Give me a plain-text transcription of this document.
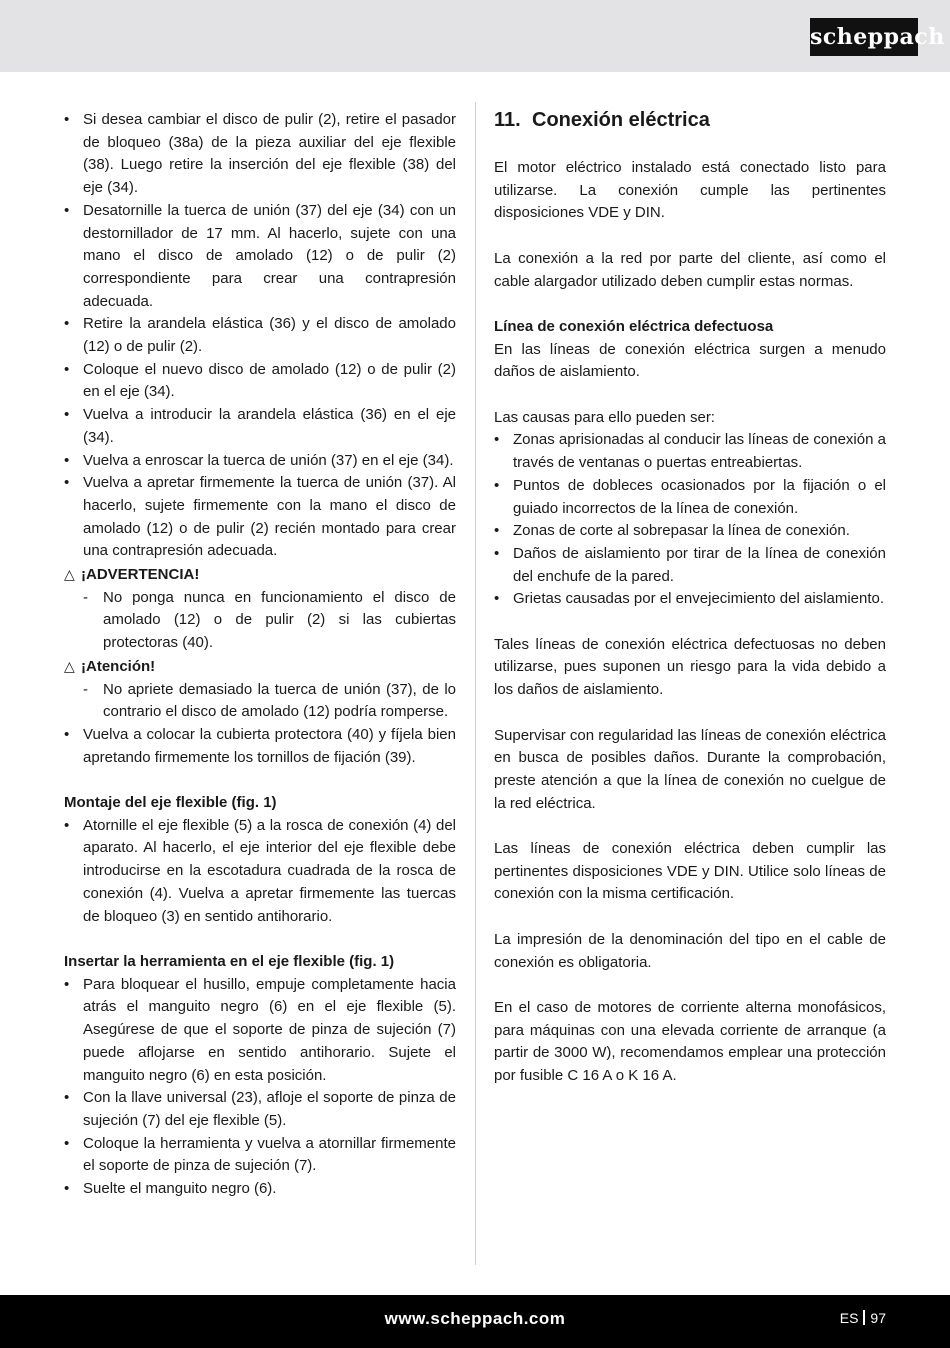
scheppach
• Si desea cambiar el disco de pulir (2), retire el pasador de bloqueo (38a) de la pieza auxiliar del eje flexible (38). Luego retire la inserción del eje flexible (38) del eje (34).
• Desatornille la tuerca de unión (37) del eje (34) con un destornillador de 17 mm. Al hacerlo, sujete con una mano el disco de amolado (12) o de pulir (2) correspondiente para crear una contrapresión adecuada.
• Retire la arandela elástica (36) y el disco de amolado (12) o de pulir (2).
• Coloque el nuevo disco de amolado (12) o de pulir (2) en el eje (34).
• Vuelva a introducir la arandela elástica (36) en el eje (34).
• Vuelva a enroscar la tuerca de unión (37) en el eje (34).
• Vuelva a apretar firmemente la tuerca de unión (37). Al hacerlo, sujete firmemente con la mano el disco de amolado (12) o de pulir (2) recién montado para crear una contrapresión adecuada.
△ ¡ADVERTENCIA!
- No ponga nunca en funcionamiento el disco de amolado (12) o de pulir (2) si las cubiertas protectoras (40).
△ ¡Atención!
- No apriete demasiado la tuerca de unión (37), de lo contrario el disco de amolado (12) podría romperse.
• Vuelva a colocar la cubierta protectora (40) y fíjela bien apretando firmemente los tornillos de fijación (39).

Montaje del eje flexible (fig. 1)

• Atornille el eje flexible (5) a la rosca de conexión (4) del aparato. Al hacerlo, el eje interior del eje flexible debe introducirse en la escotadura cuadrada de la rosca de conexión (4). Vuelva a apretar firmemente las tuercas de bloqueo (3) en sentido antihorario.

Insertar la herramienta en el eje flexible (fig. 1)

• Para bloquear el husillo, empuje completamente hacia atrás el manguito negro (6) en el eje flexible (5). Asegúrese de que el soporte de pinza de sujeción (7) puede aflojarse en sentido antihorario. Sujete el manguito negro (6) en esta posición.
• Con la llave universal (23), afloje el soporte de pinza de sujeción (7) del eje flexible (5).
• Coloque la herramienta y vuelva a atornillar firmemente el soporte de pinza de sujeción (7).
• Suelte el manguito negro (6).
11. Conexión eléctrica

El motor eléctrico instalado está conectado listo para utilizarse. La conexión cumple las pertinentes disposiciones VDE y DIN.

La conexión a la red por parte del cliente, así como el cable alargador utilizado deben cumplir estas normas.

Línea de conexión eléctrica defectuosa

En las líneas de conexión eléctrica surgen a menudo daños de aislamiento.

Las causas para ello pueden ser:

• Zonas aprisionadas al conducir las líneas de conexión a través de ventanas o puertas entreabiertas.
• Puntos de dobleces ocasionados por la fijación o el guiado incorrectos de la línea de conexión.
• Zonas de corte al sobrepasar la línea de conexión.
• Daños de aislamiento por tirar de la línea de conexión del enchufe de la pared.
• Grietas causadas por el envejecimiento del aislamiento.

Tales líneas de conexión eléctrica defectuosas no deben utilizarse, pues suponen un riesgo para la vida debido a los daños de aislamiento.

Supervisar con regularidad las líneas de conexión eléctrica en busca de posibles daños. Durante la comprobación, preste atención a que la línea de conexión no cuelgue de la red eléctrica.

Las líneas de conexión eléctrica deben cumplir las pertinentes disposiciones VDE y DIN. Utilice solo líneas de conexión con la misma certificación.

La impresión de la denominación del tipo en el cable de conexión es obligatoria.

En el caso de motores de corriente alterna monofásicos, para máquinas con una elevada corriente de arranque (a partir de 3000 W), recomendamos emplear una protección por fusible C 16 A o K 16 A.

www.scheppach.com	ES 97
